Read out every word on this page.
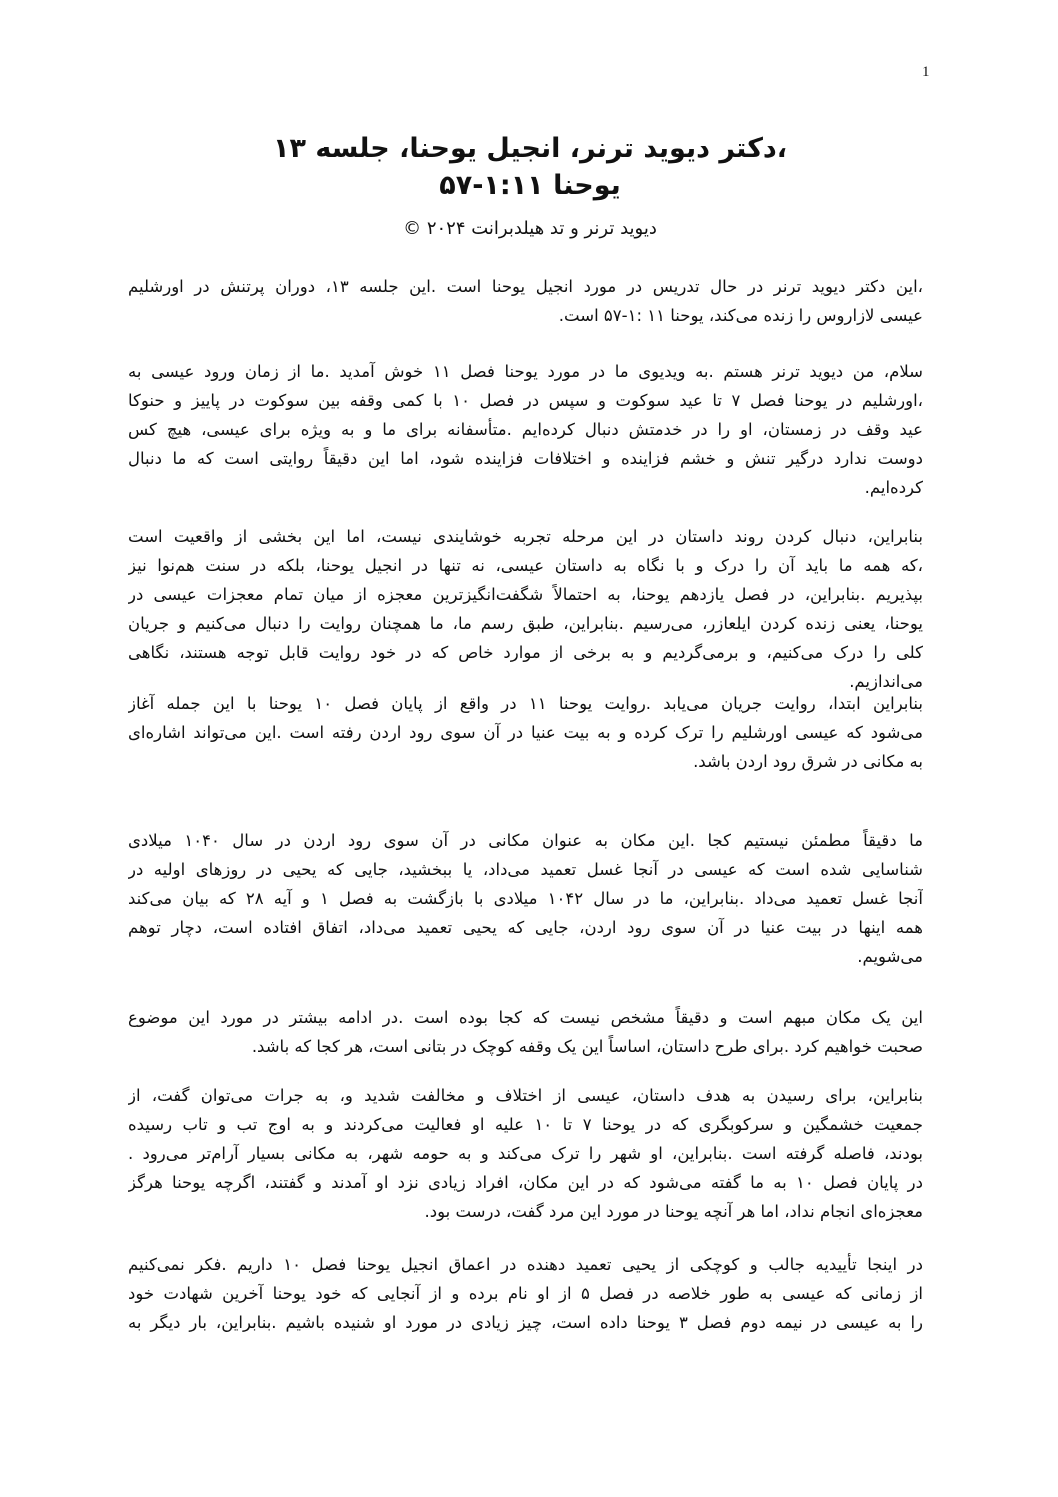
1
،دکتر دیوید ترنر، انجیل یوحنا، جلسه ۱۳
یوحنا ۱:۱۱-۵۷
دیوید ترنر و تد هیلدبرانت ۲۰۲۴ ©
،این دکتر دیوید ترنر در حال تدریس در مورد انجیل یوحنا است .این جلسه ۱۳، دوران پرتنش در اورشلیم
عیسی لازاروس را زنده می‌کند، یوحنا ۱۱ :۱-۵۷ است.
سلام، من دیوید ترنر هستم .به ویدیوی ما در مورد یوحنا فصل ۱۱ خوش آمدید .ما از زمان ورود عیسی به
،اورشلیم در یوحنا فصل ۷ تا عید سوکوت و سپس در فصل ۱۰ با کمی وقفه بین سوکوت در پاییز و حنوکا
عید وقف در زمستان، او را در خدمتش دنبال کرده‌ایم .متأسفانه برای ما و به ویژه برای عیسی، هیچ کس
دوست ندارد درگیر تنش و خشم فزاینده و اختلافات فزاینده شود، اما این دقیقاً روایتی است که ما دنبال
کرده‌ایم.
بنابراین، دنبال کردن روند داستان در این مرحله تجربه خوشایندی نیست، اما این بخشی از واقعیت است
،که همه ما باید آن را درک و با نگاه به داستان عیسی، نه تنها در انجیل یوحنا، بلکه در سنت هم‌نوا نیز
بپذیریم .بنابراین، در فصل یازدهم یوحنا، به احتمالاً شگفت‌انگیزترین معجزه از میان تمام معجزات عیسی در
یوحنا، یعنی زنده کردن ایلعازر، می‌رسیم .بنابراین، طبق رسم ما، ما همچنان روایت را دنبال می‌کنیم و جریان
کلی را درک می‌کنیم، و برمی‌گردیم و به برخی از موارد خاص که در خود روایت قابل توجه هستند، نگاهی
می‌اندازیم.
بنابراین ابتدا، روایت جریان می‌یابد .روایت یوحنا ۱۱ در واقع از پایان فصل ۱۰ یوحنا با این جمله آغاز
می‌شود که عیسی اورشلیم را ترک کرده و به بیت عنیا در آن سوی رود اردن رفته است .این می‌تواند اشاره‌ای
به مکانی در شرق رود اردن باشد.
ما دقیقاً مطمئن نیستیم کجا .این مکان به عنوان مکانی در آن سوی رود اردن در سال ۱۰۴۰ میلادی
شناسایی شده است که عیسی در آنجا غسل تعمید می‌داد، یا ببخشید، جایی که یحیی در روزهای اولیه در
آنجا غسل تعمید می‌داد .بنابراین، ما در سال ۱۰۴۲ میلادی با بازگشت به فصل ۱ و آیه ۲۸ که بیان می‌کند
همه اینها در بیت عنیا در آن سوی رود اردن، جایی که یحیی تعمید می‌داد، اتفاق افتاده است، دچار توهم
می‌شویم.
این یک مکان مبهم است و دقیقاً مشخص نیست که کجا بوده است .در ادامه بیشتر در مورد این موضوع
صحبت خواهیم کرد .برای طرح داستان، اساساً این یک وقفه کوچک در بتانی است، هر کجا که باشد.
بنابراین، برای رسیدن به هدف داستان، عیسی از اختلاف و مخالفت شدید و، به جرات می‌توان گفت، از
جمعیت خشمگین و سرکوبگری که در یوحنا ۷ تا ۱۰ علیه او فعالیت می‌کردند و به اوج تب و تاب رسیده
بودند، فاصله گرفته است .بنابراین، او شهر را ترک می‌کند و به حومه شهر، به مکانی بسیار آرام‌تر می‌رود .
در پایان فصل ۱۰ به ما گفته می‌شود که در این مکان، افراد زیادی نزد او آمدند و گفتند، اگرچه یوحنا هرگز
معجزه‌ای انجام نداد، اما هر آنچه یوحنا در مورد این مرد گفت، درست بود.
در اینجا تأییدیه جالب و کوچکی از یحیی تعمید دهنده در اعماق انجیل یوحنا فصل ۱۰ داریم .فکر نمی‌کنیم
از زمانی که عیسی به طور خلاصه در فصل ۵ از او نام برده و از آنجایی که خود یوحنا آخرین شهادت خود
را به عیسی در نیمه دوم فصل ۳ یوحنا داده است، چیز زیادی در مورد او شنیده باشیم .بنابراین، بار دیگر به
